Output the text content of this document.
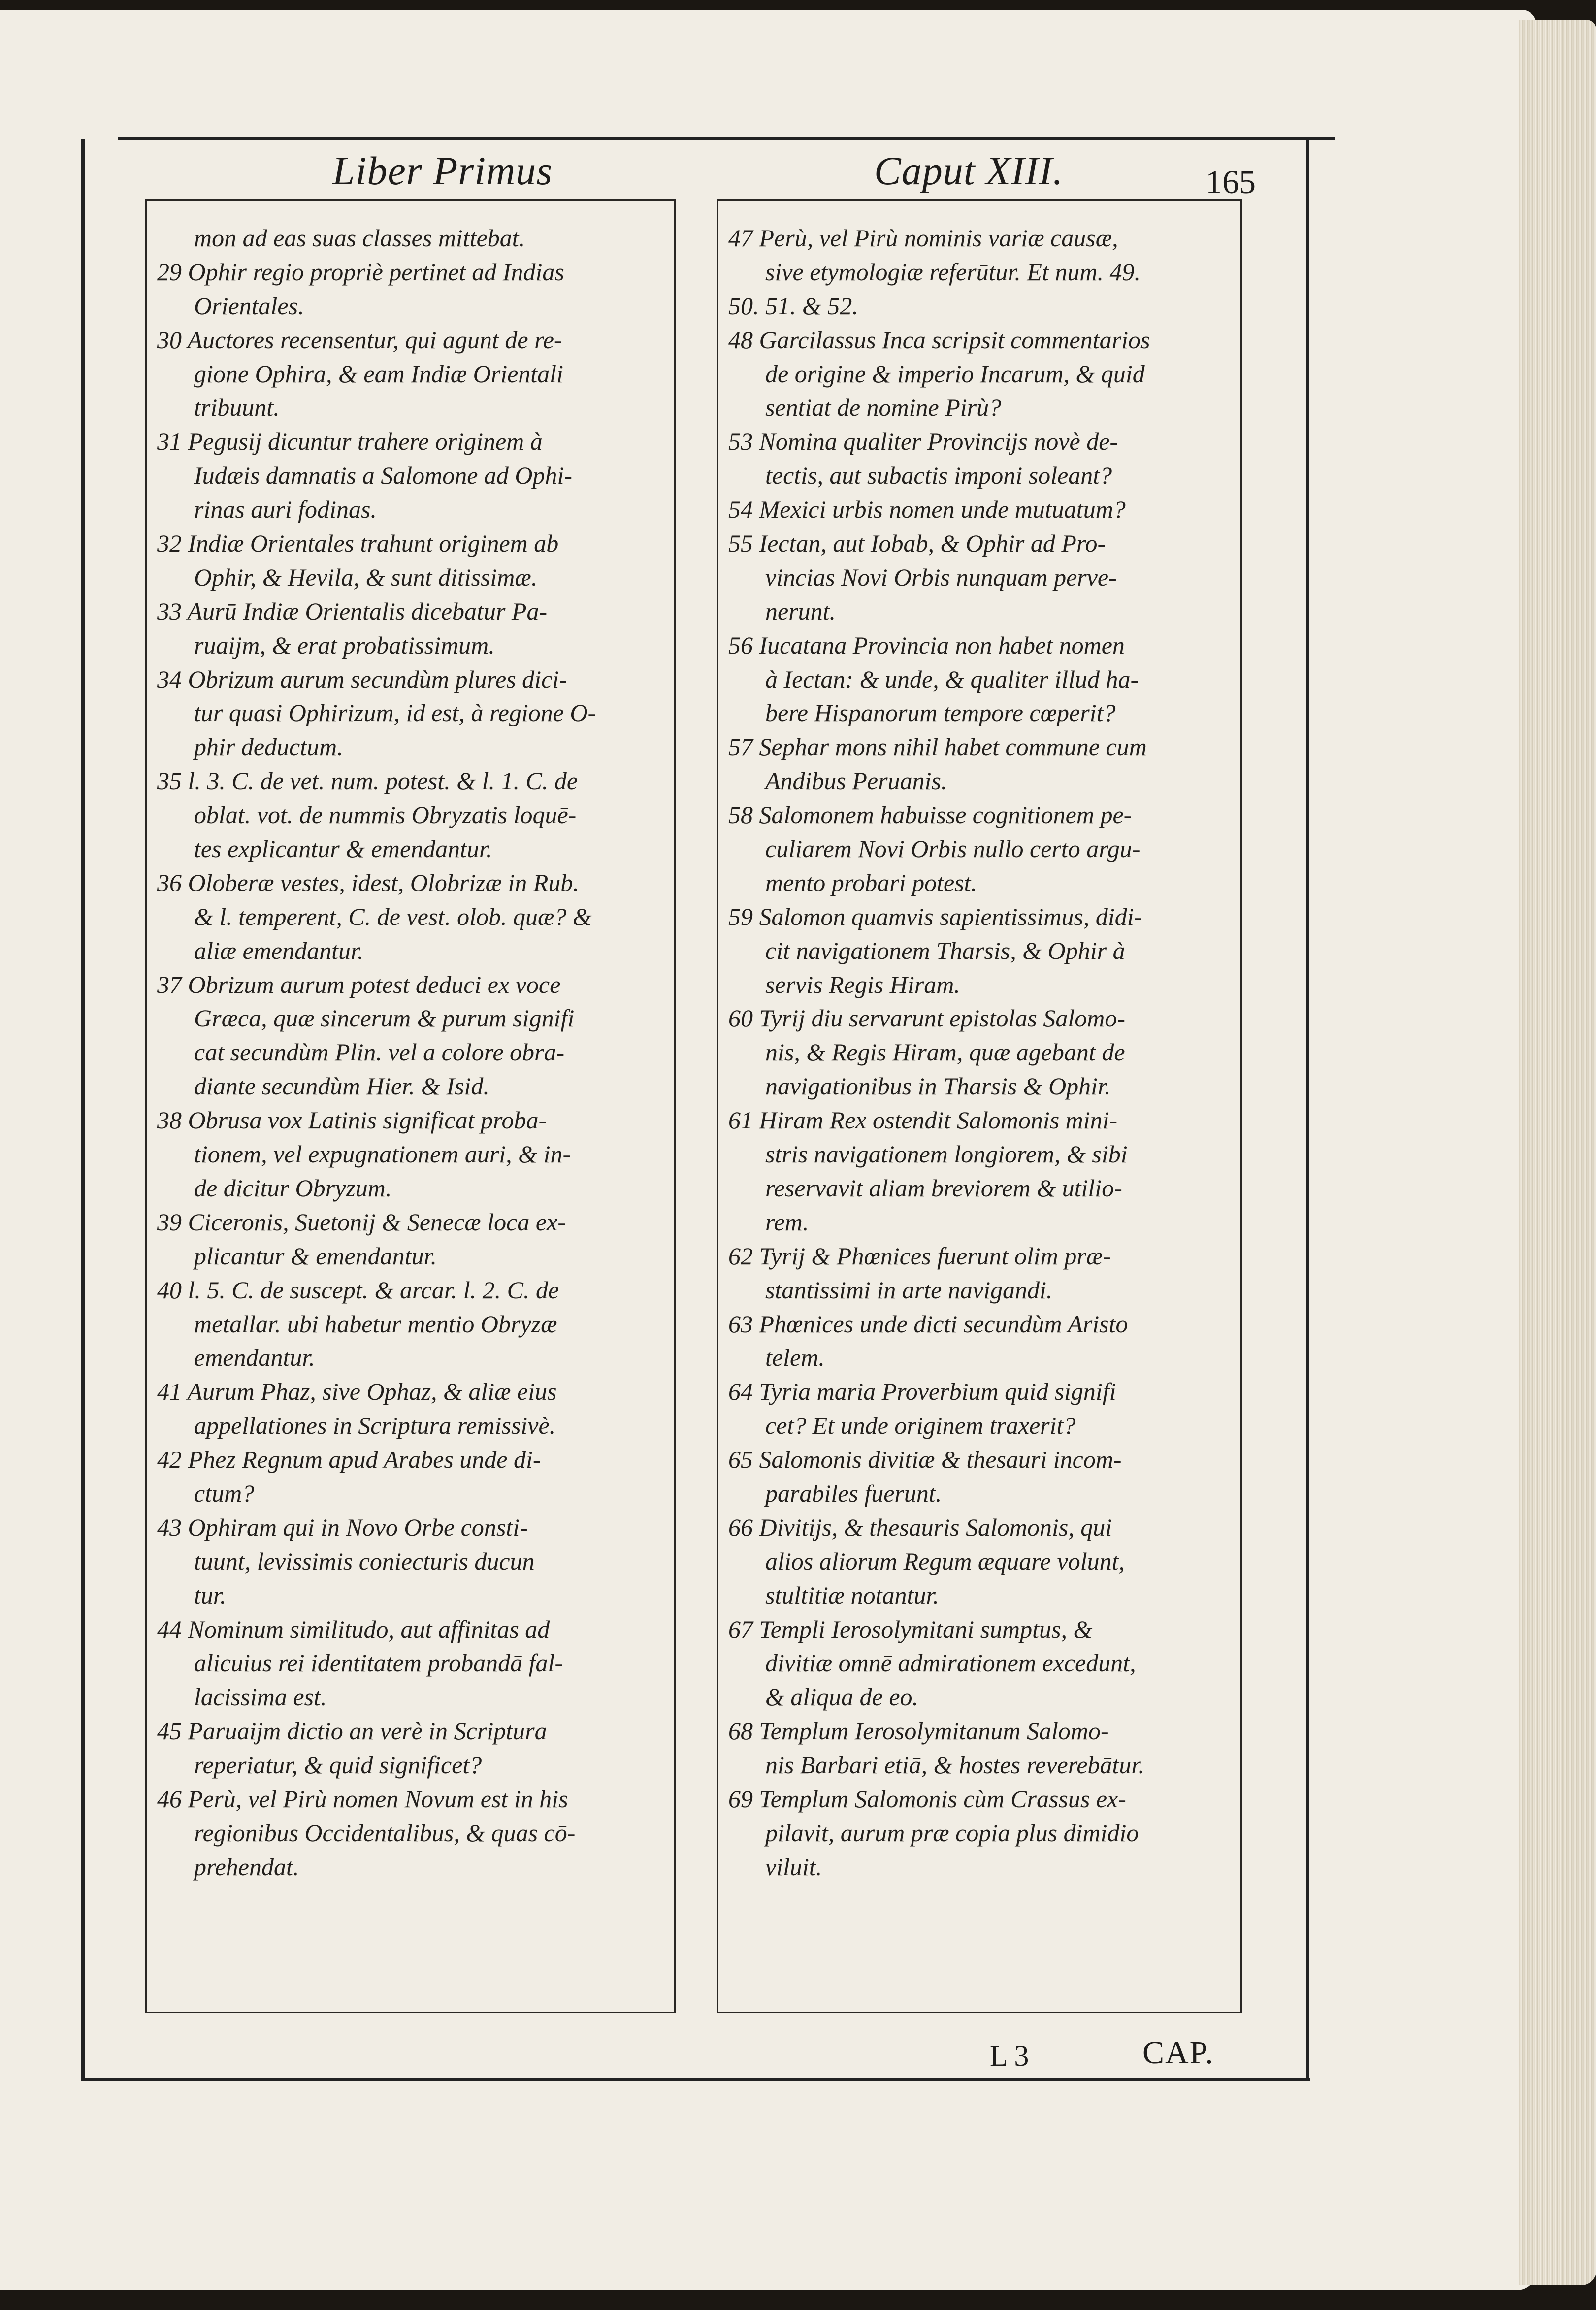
Liber Primus	Caput XIII.	165
mon ad eas suas classes mittebat.
29 Ophir regio propriè pertinet ad Indias
Orientales.
30 Auctores recensentur, qui agunt de re-
gione Ophira, & eam Indiæ Orientali
tribuunt.
31 Pegusij dicuntur trahere originem à
Iudæis damnatis a Salomone ad Ophi-
rinas auri fodinas.
32 Indiæ Orientales trahunt originem ab
Ophir, & Hevila, & sunt ditissimæ.
33 Aurū Indiæ Orientalis dicebatur Pa-
ruaijm, & erat probatissimum.
34 Obrizum aurum secundùm plures dici-
tur quasi Ophirizum, id est, à regione O-
phir deductum.
35 l. 3. C. de vet. num. potest. & l. 1. C. de
oblat. vot. de nummis Obryzatis loquē-
tes explicantur & emendantur.
36 Oloberæ vestes, idest, Olobrizæ in Rub.
& l. temperent, C. de vest. olob. quæ? &
aliæ emendantur.
37 Obrizum aurum potest deduci ex voce
Græca, quæ sincerum & purum signifi
cat secundùm Plin. vel a colore obra-
diante secundùm Hier. & Isid.
38 Obrusa vox Latinis significat proba-
tionem, vel expugnationem auri, & in-
de dicitur Obryzum.
39 Ciceronis, Suetonij & Senecæ loca ex-
plicantur & emendantur.
40 l. 5. C. de suscept. & arcar. l. 2. C. de
metallar. ubi habetur mentio Obryzæ
emendantur.
41 Aurum Phaz, sive Ophaz, & aliæ eius
appellationes in Scriptura remissivè.
42 Phez Regnum apud Arabes unde di-
ctum?
43 Ophiram qui in Novo Orbe consti-
tuunt, levissimis coniecturis ducun
tur.
44 Nominum similitudo, aut affinitas ad
alicuius rei identitatem probandā fal-
lacissima est.
45 Paruaijm dictio an verè in Scriptura
reperiatur, & quid significet?
46 Perù, vel Pirù nomen Novum est in his
regionibus Occidentalibus, & quas cō-
prehendat.
47 Perù, vel Pirù nominis variæ causæ,
sive etymologiæ referūtur. Et num. 49.
50. 51. & 52.
48 Garcilassus Inca scripsit commentarios
de origine & imperio Incarum, & quid
sentiat de nomine Pirù?
53 Nomina qualiter Provincijs novè de-
tectis, aut subactis imponi soleant?
54 Mexici urbis nomen unde mutuatum?
55 Iectan, aut Iobab, & Ophir ad Pro-
vincias Novi Orbis nunquam perve-
nerunt.
56 Iucatana Provincia non habet nomen
à Iectan: & unde, & qualiter illud ha-
bere Hispanorum tempore cœperit?
57 Sephar mons nihil habet commune cum
Andibus Peruanis.
58 Salomonem habuisse cognitionem pe-
culiarem Novi Orbis nullo certo argu-
mento probari potest.
59 Salomon quamvis sapientissimus, didi-
cit navigationem Tharsis, & Ophir à
servis Regis Hiram.
60 Tyrij diu servarunt epistolas Salomo-
nis, & Regis Hiram, quæ agebant de
navigationibus in Tharsis & Ophir.
61 Hiram Rex ostendit Salomonis mini-
stris navigationem longiorem, & sibi
reservavit aliam breviorem & utilio-
rem.
62 Tyrij & Phœnices fuerunt olim præ-
stantissimi in arte navigandi.
63 Phœnices unde dicti secundùm Aristo
telem.
64 Tyria maria Proverbium quid signifi
cet? Et unde originem traxerit?
65 Salomonis divitiæ & thesauri incom-
parabiles fuerunt.
66 Divitijs, & thesauris Salomonis, qui
alios aliorum Regum æquare volunt,
stultitiæ notantur.
67 Templi Ierosolymitani sumptus, &
divitiæ omnē admirationem excedunt,
& aliqua de eo.
68 Templum Ierosolymitanum Salomo-
nis Barbari etiā, & hostes reverebātur.
69 Templum Salomonis cùm Crassus ex-
pilavit, aurum præ copia plus dimidio
viluit.
L 3	CAP.
